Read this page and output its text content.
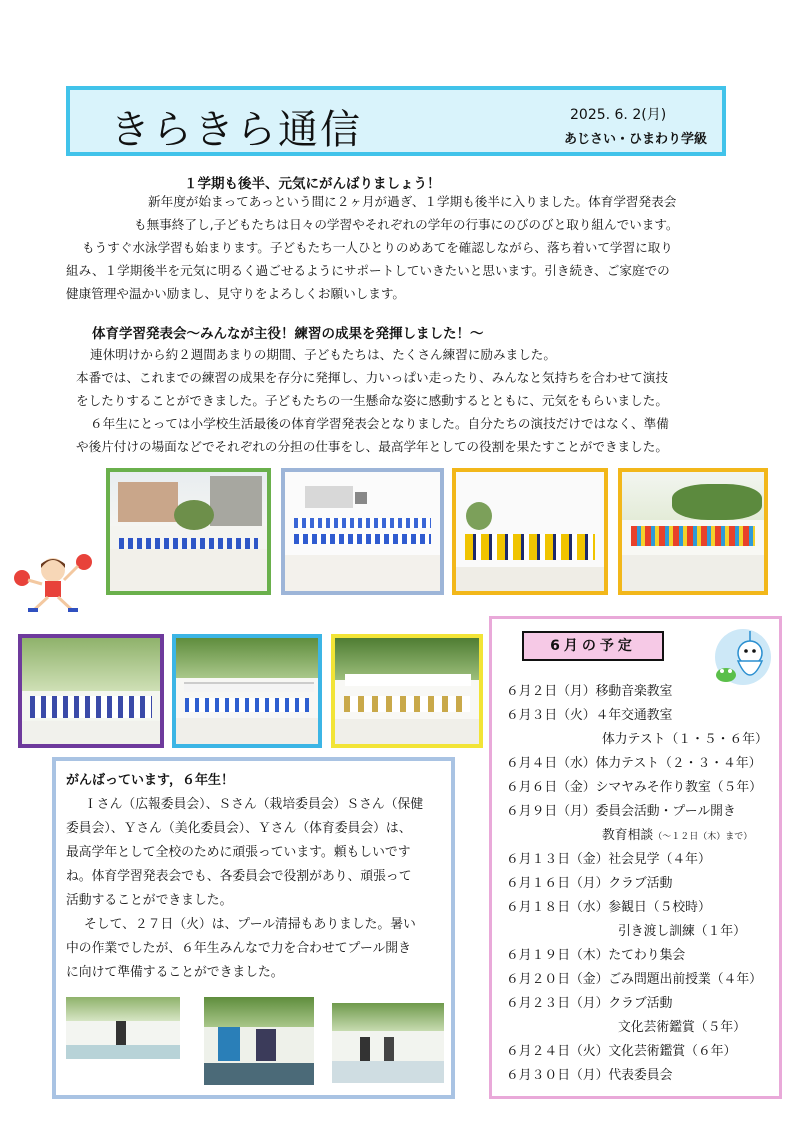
きらきら通信	2025. 6. 2(月)
あじさい・ひまわり学級
１学期も後半、元気にがんばりましょう！

新年度が始まってあっという間に２ヶ月が過ぎ、１学期も後半に入りました。体育学習発表会

も無事終了し,子どもたちは日々の学習やそれぞれの学年の行事にのびのびと取り組んでいます。

もうすぐ水泳学習も始まります。子どもたち一人ひとりのめあてを確認しながら、落ち着いて学習に取り

組み、１学期後半を元気に明るく過ごせるようにサポートしていきたいと思います。引き続き、ご家庭での

健康管理や温かい励まし、見守りをよろしくお願いします。

体育学習発表会～みんなが主役！練習の成果を発揮しました！～

連休明けから約２週間あまりの期間、子どもたちは、たくさん練習に励みました。

本番では、これまでの練習の成果を存分に発揮し、力いっぱい走ったり、みんなと気持ちを合わせて演技

をしたりすることができました。子どもたちの一生懸命な姿に感動するとともに、元気をもらいました。

６年生にとっては小学校生活最後の体育学習発表会となりました。自分たちの演技だけではなく、準備

や後片付けの場面などでそれぞれの分担の仕事をし、最高学年としての役割を果たすことができました。

6月の予定
６月２日（月）移動音楽教室
６月３日（火）４年交通教室
体力テスト（１・５・６年）
６月４日（水）体力テスト（２・３・４年）
６月６日（金）シマヤみそ作り教室（５年）
６月９日（月）委員会活動・プール開き
教育相談（～１２日（木）まで）
６月１３日（金）社会見学（４年）
６月１６日（月）クラブ活動
６月１８日（水）参観日（５校時）
引き渡し訓練（１年）
６月１９日（木）たてわり集会
６月２０日（金）ごみ問題出前授業（４年）
６月２３日（月）クラブ活動
文化芸術鑑賞（５年）
６月２４日（火）文化芸術鑑賞（６年）
６月３０日（月）代表委員会
がんばっています，６年生！

Ｉさん（広報委員会）、Ｓさん（栽培委員会）Ｓさん（保健

委員会）、Ｙさん（美化委員会）、Ｙさん（体育委員会）は、

最高学年として全校のために頑張っています。頼もしいです

ね。体育学習発表会でも、各委員会で役割があり、頑張って

活動することができました。

そして、２７日（火）は、プール清掃もありました。暑い

中の作業でしたが、６年生みんなで力を合わせてプール開き

に向けて準備することができました。
